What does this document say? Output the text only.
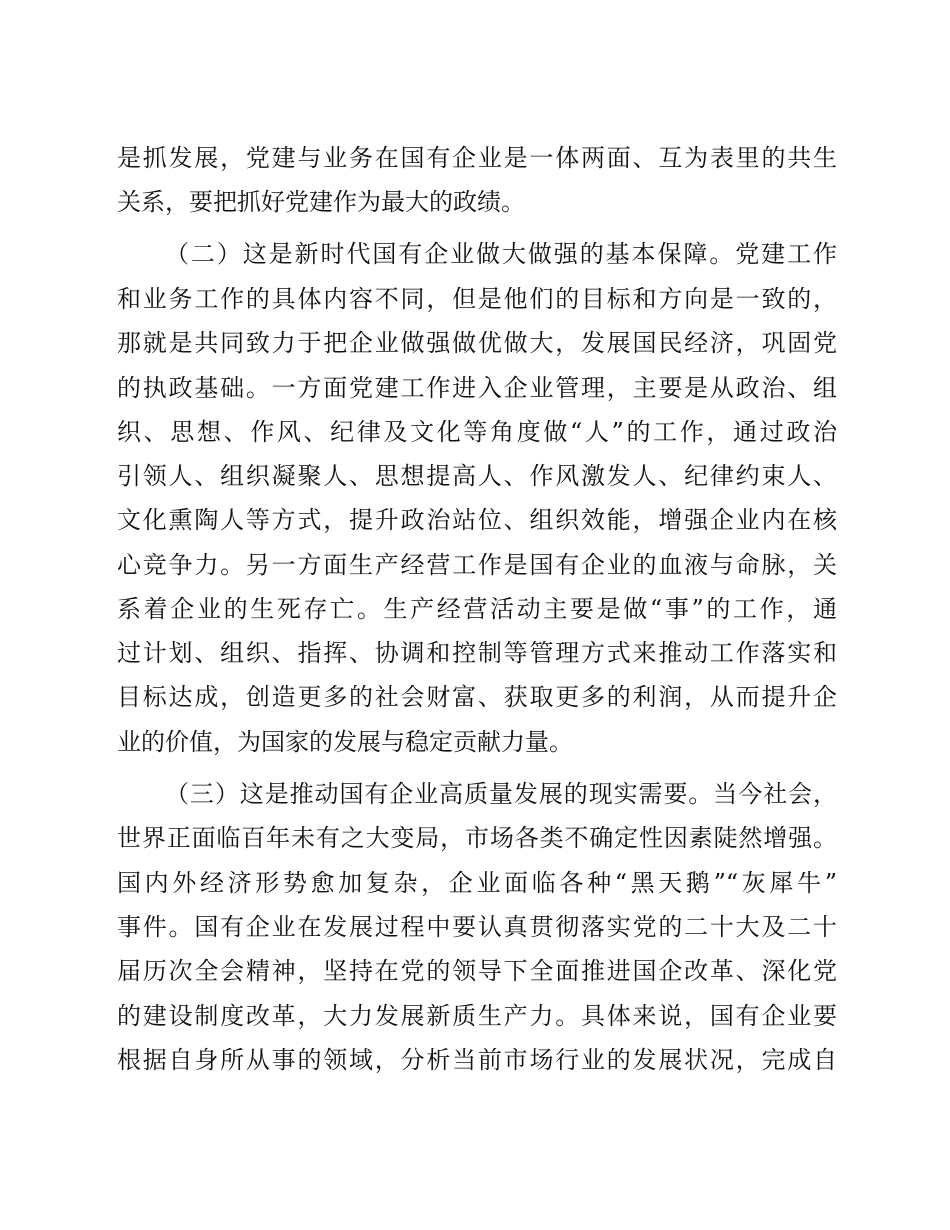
是抓发展，党建与业务在国有企业是一体两面、互为表里的共生
关系，要把抓好党建作为最大的政绩。
（二）这是新时代国有企业做大做强的基本保障。党建工作
和业务工作的具体内容不同，但是他们的目标和方向是一致的，
那就是共同致力于把企业做强做优做大，发展国民经济，巩固党
的执政基础。一方面党建工作进入企业管理，主要是从政治、组
织、思想、作风、纪律及文化等角度做“人”的工作，通过政治
引领人、组织凝聚人、思想提高人、作风激发人、纪律约束人、
文化熏陶人等方式，提升政治站位、组织效能，增强企业内在核
心竞争力。另一方面生产经营工作是国有企业的血液与命脉，关
系着企业的生死存亡。生产经营活动主要是做“事”的工作，通
过计划、组织、指挥、协调和控制等管理方式来推动工作落实和
目标达成，创造更多的社会财富、获取更多的利润，从而提升企
业的价值，为国家的发展与稳定贡献力量。
（三）这是推动国有企业高质量发展的现实需要。当今社会，
世界正面临百年未有之大变局，市场各类不确定性因素陡然增强。
国内外经济形势愈加复杂，企业面临各种“黑天鹅”“灰犀牛”
事件。国有企业在发展过程中要认真贯彻落实党的二十大及二十
届历次全会精神，坚持在党的领导下全面推进国企改革、深化党
的建设制度改革，大力发展新质生产力。具体来说，国有企业要
根据自身所从事的领域，分析当前市场行业的发展状况，完成自
